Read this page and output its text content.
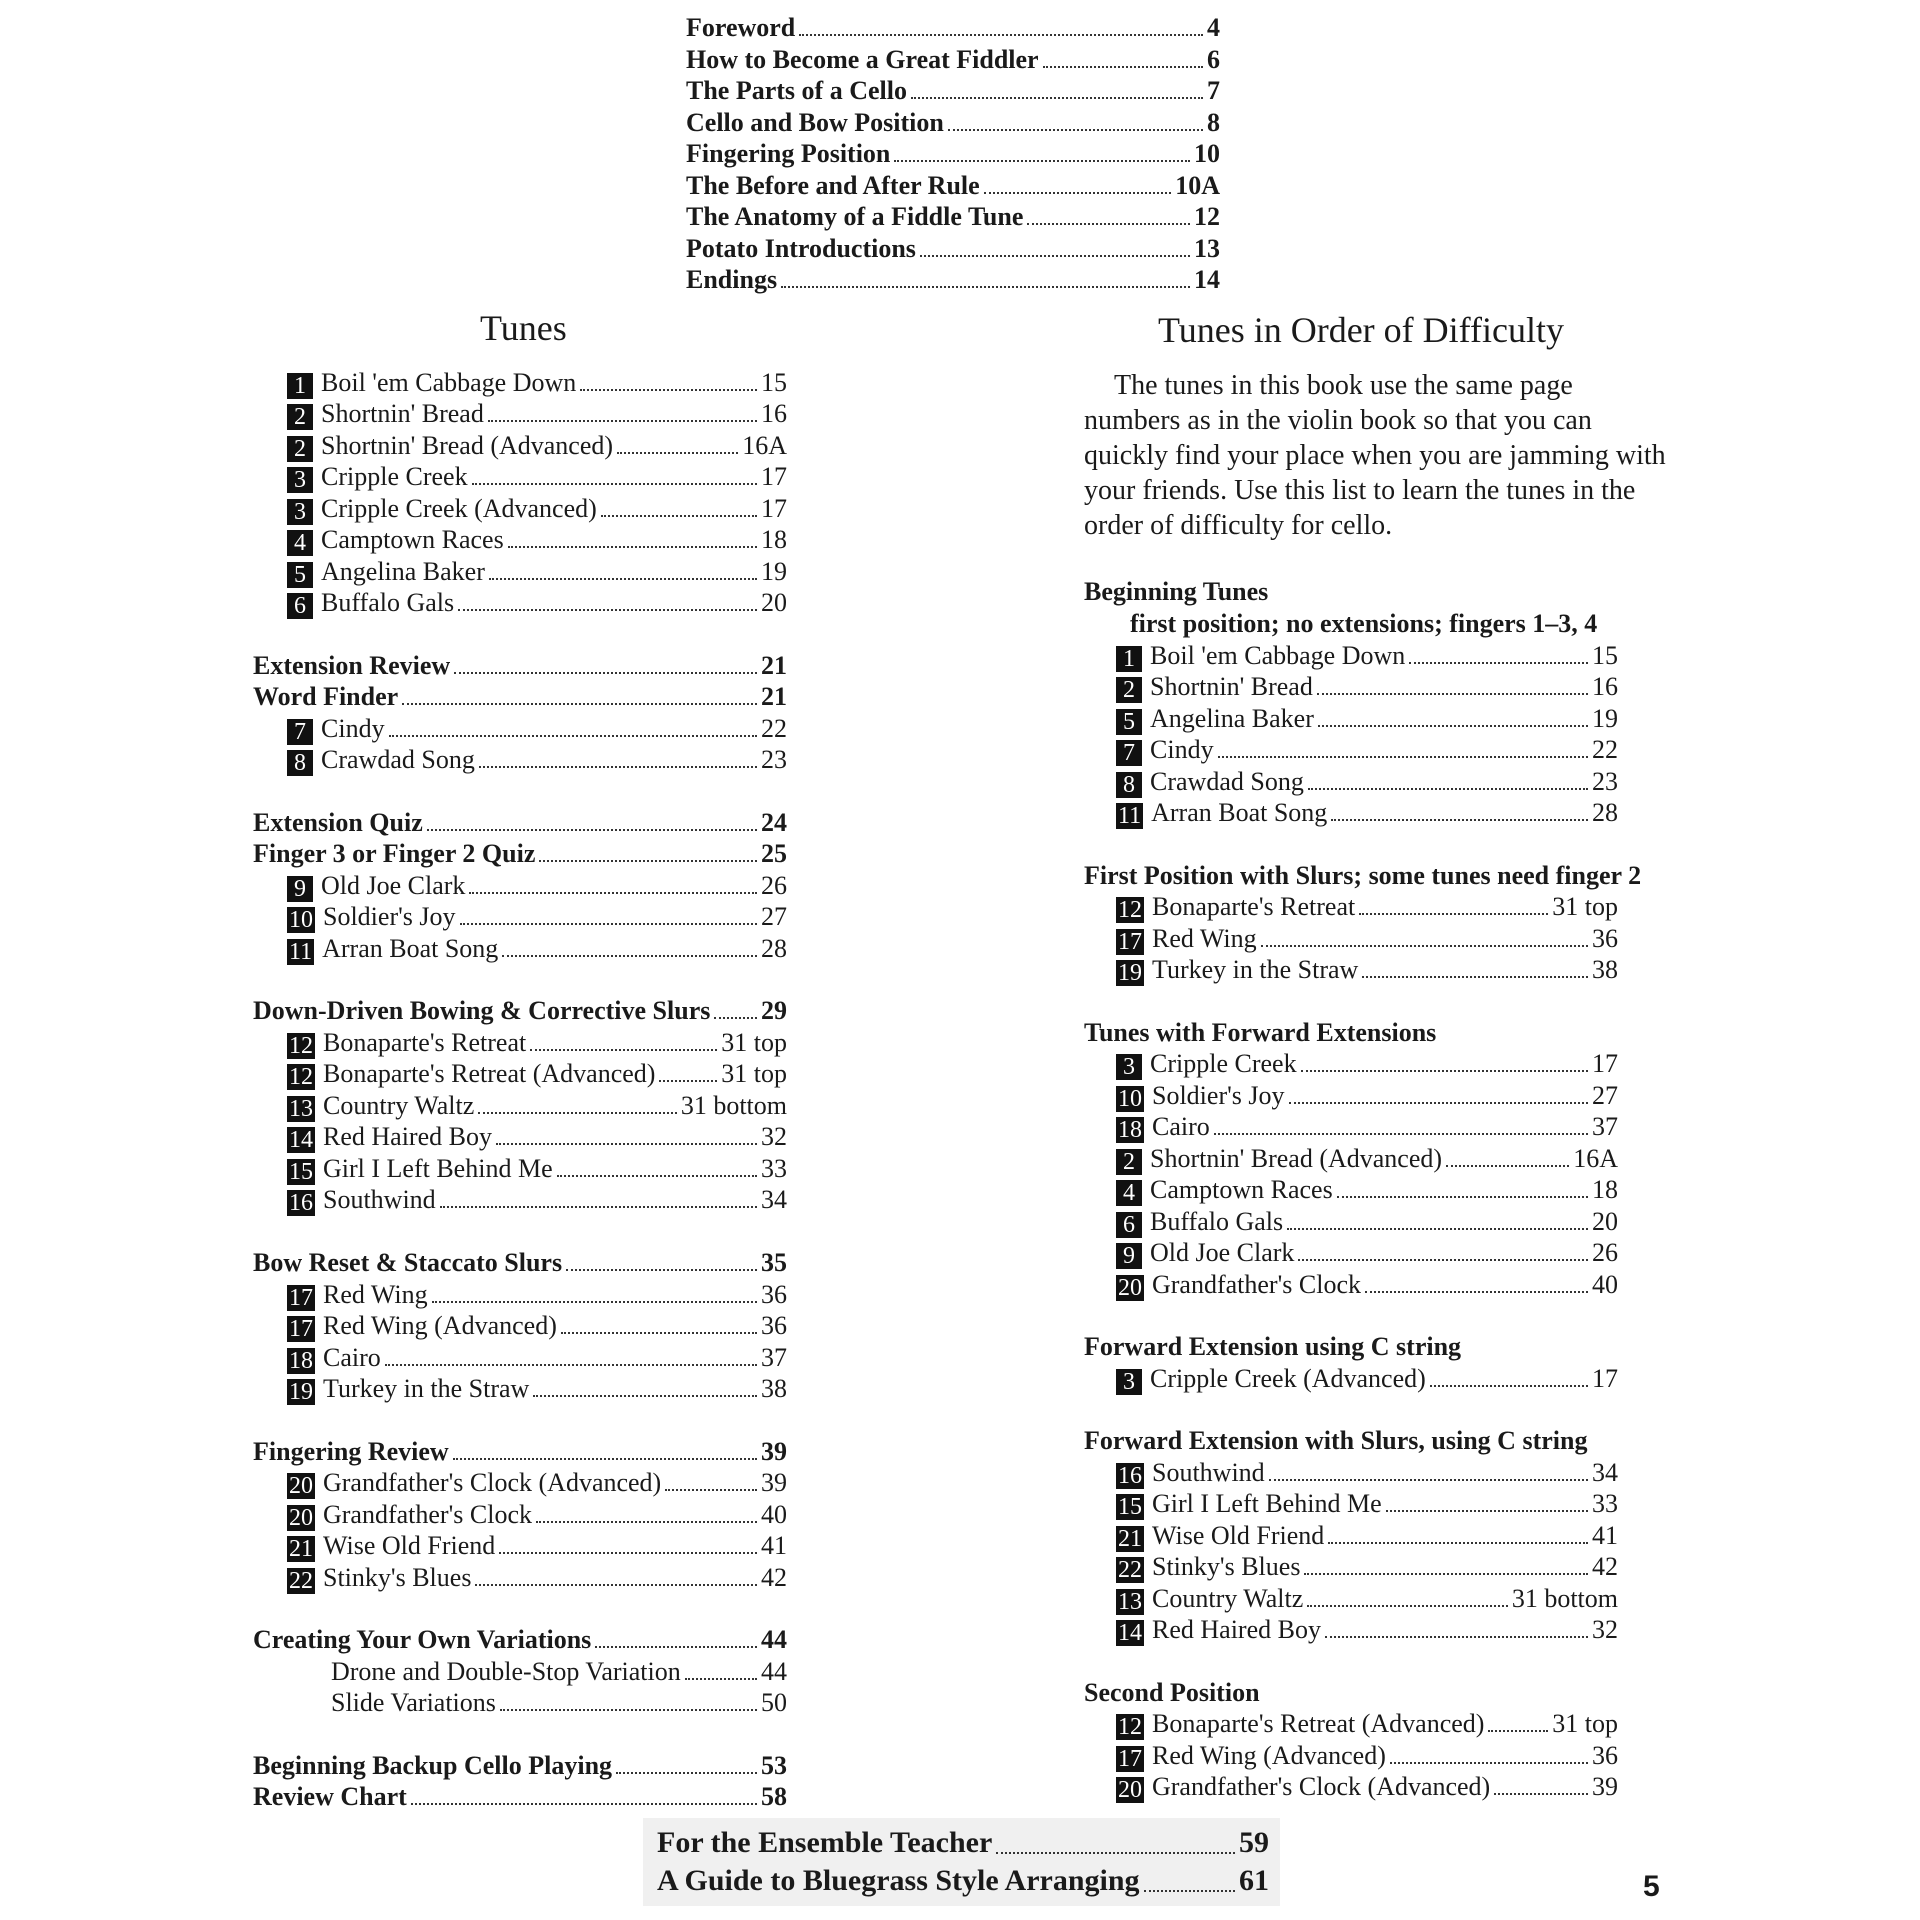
Foreword	4
How to Become a Great Fiddler	6
The Parts of a Cello	7
Cello and Bow Position	8
Fingering Position	10
The Before and After Rule	10A
The Anatomy of a Fiddle Tune	12
Potato Introductions	13
Endings	14
Tunes
1 Boil 'em Cabbage Down	15
2 Shortnin' Bread	16
2 Shortnin' Bread (Advanced)	16A
3 Cripple Creek	17
3 Cripple Creek (Advanced)	17
4 Camptown Races	18
5 Angelina Baker	19
6 Buffalo Gals	20
Extension Review	21
Word Finder	21
7 Cindy	22
8 Crawdad Song	23
Extension Quiz	24
Finger 3 or Finger 2 Quiz	25
9 Old Joe Clark	26
10 Soldier's Joy	27
11 Arran Boat Song	28
Down-Driven Bowing & Corrective Slurs 29
12 Bonaparte's Retreat	31 top
12 Bonaparte's Retreat (Advanced)	31 top
13 Country Waltz	31 bottom
14 Red Haired Boy	32
15 Girl I Left Behind Me	33
16 Southwind	34
Bow Reset & Staccato Slurs	35
17 Red Wing	36
17 Red Wing (Advanced)	36
18 Cairo	37
19 Turkey in the Straw	38
Fingering Review	39
20 Grandfather's Clock (Advanced)	39
20 Grandfather's Clock	40
21 Wise Old Friend	41
22 Stinky's Blues	42
Creating Your Own Variations	44
Drone and Double-Stop Variation	44
Slide Variations	50
Beginning Backup Cello Playing	53
Review Chart	58
Tunes in Order of Difficulty

The tunes in this book use the same page numbers as in the violin book so that you can quickly find your place when you are jamming with your friends. Use this list to learn the tunes in the order of difficulty for cello.

Beginning Tunes
first position; no extensions; fingers 1–3, 4
1 Boil 'em Cabbage Down	15
2 Shortnin' Bread	16
5 Angelina Baker	19
7 Cindy	22
8 Crawdad Song	23
11 Arran Boat Song	28
First Position with Slurs; some tunes need finger 2
12 Bonaparte's Retreat	31 top
17 Red Wing	36
19 Turkey in the Straw	38
Tunes with Forward Extensions
3 Cripple Creek	17
10 Soldier's Joy	27
18 Cairo	37
2 Shortnin' Bread (Advanced)	16A
4 Camptown Races	18
6 Buffalo Gals	20
9 Old Joe Clark	26
20 Grandfather's Clock	40
Forward Extension using C string
3 Cripple Creek (Advanced)	17
Forward Extension with Slurs, using C string
16 Southwind	34
15 Girl I Left Behind Me	33
21 Wise Old Friend	41
22 Stinky's Blues	42
13 Country Waltz	31 bottom
14 Red Haired Boy	32
Second Position
12 Bonaparte's Retreat (Advanced)	31 top
17 Red Wing (Advanced)	36
20 Grandfather's Clock (Advanced)	39
For the Ensemble Teacher	59
A Guide to Bluegrass Style Arranging	61	5
